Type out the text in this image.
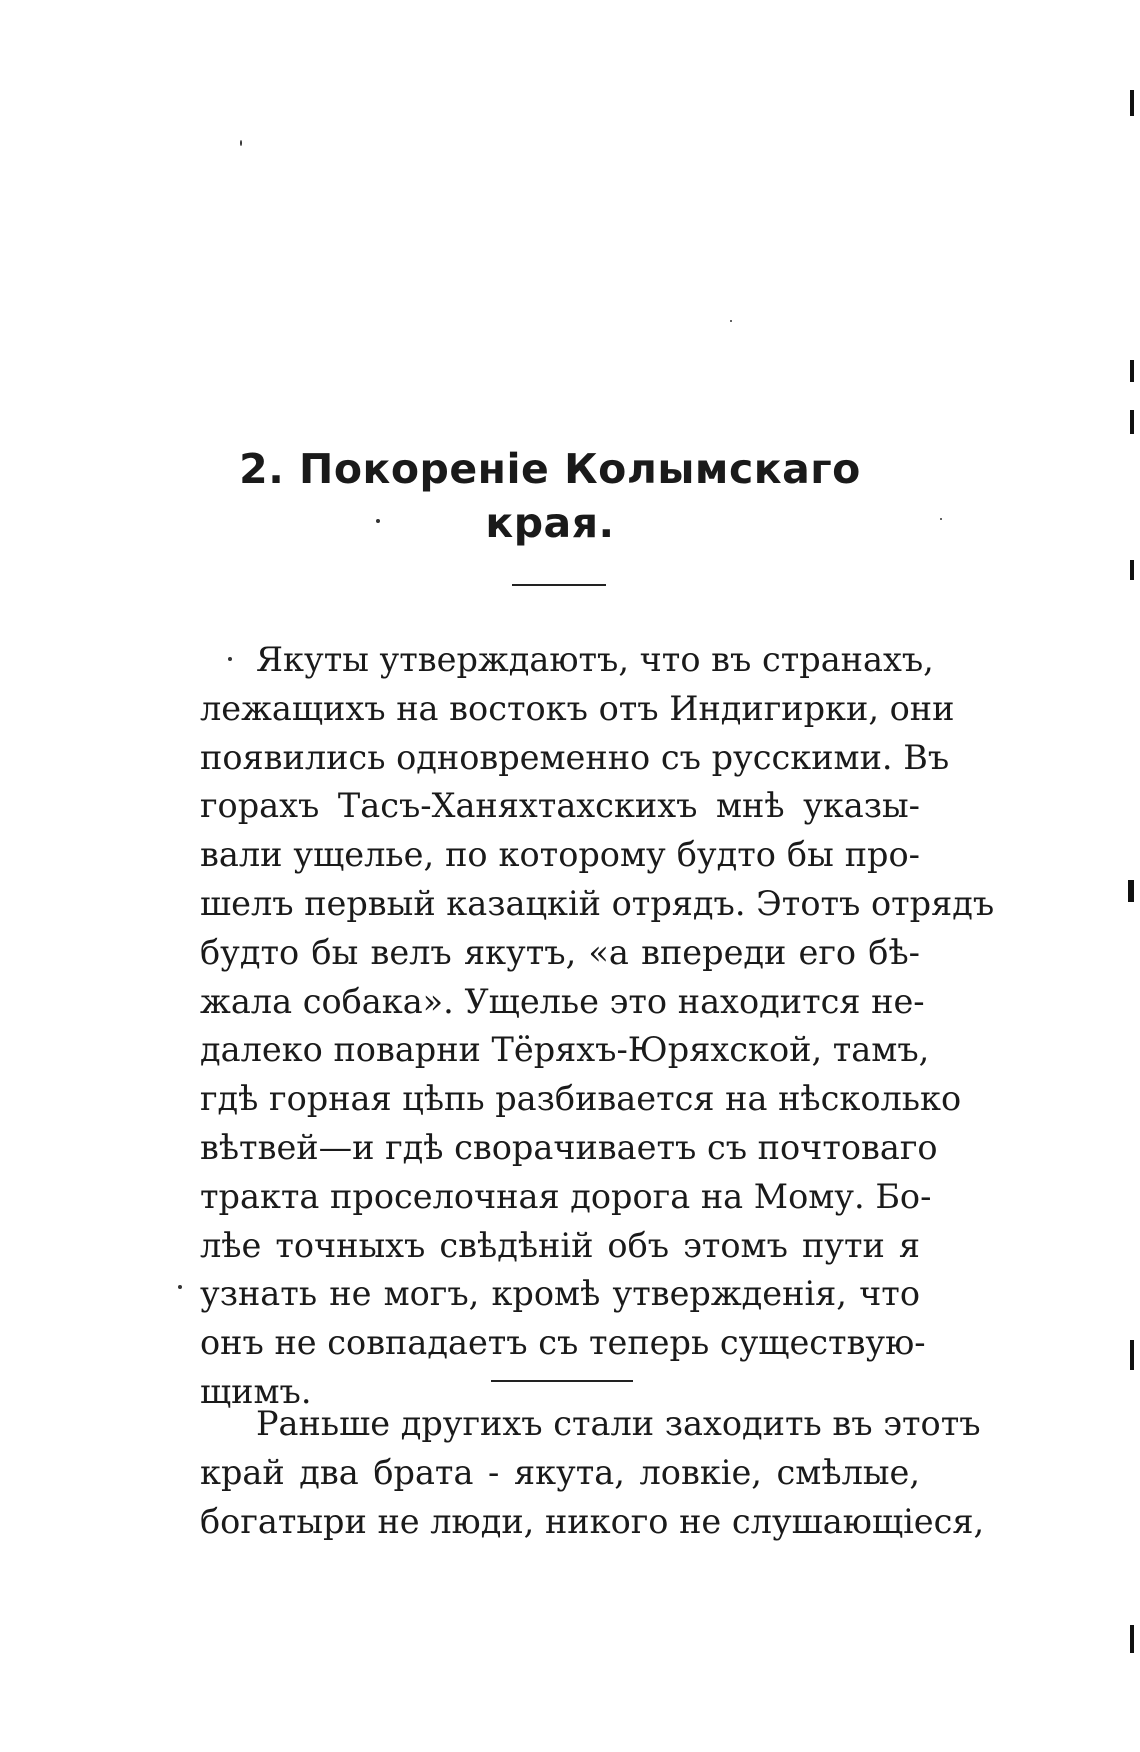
2. Покореніе Колымскаго
края.
Якуты утверждаютъ, что въ странахъ,
лежащихъ на востокъ отъ Индигирки, они
появились одновременно съ русскими. Въ
горахъ Тасъ-Ханяхтахскихъ мнѣ указы-
вали ущелье, по которому будто бы про-
шелъ первый казацкій отрядъ. Этотъ отрядъ
будто бы велъ якутъ, «а впереди его бѣ-
жала собака». Ущелье это находится не-
далеко поварни Тёряхъ-Юряхской, тамъ,
гдѣ горная цѣпь разбивается на нѣсколько
вѣтвей—и гдѣ сворачиваетъ съ почтоваго
тракта проселочная дорога на Мому. Бо-
лѣе точныхъ свѣдѣній объ этомъ пути я
узнать не могъ, кромѣ утвержденія, что
онъ не совпадаетъ съ теперь существую-
щимъ.
Раньше другихъ стали заходить въ этотъ
край два брата - якута, ловкіе, смѣлые,
богатыри не люди, никого не слушающіеся,
